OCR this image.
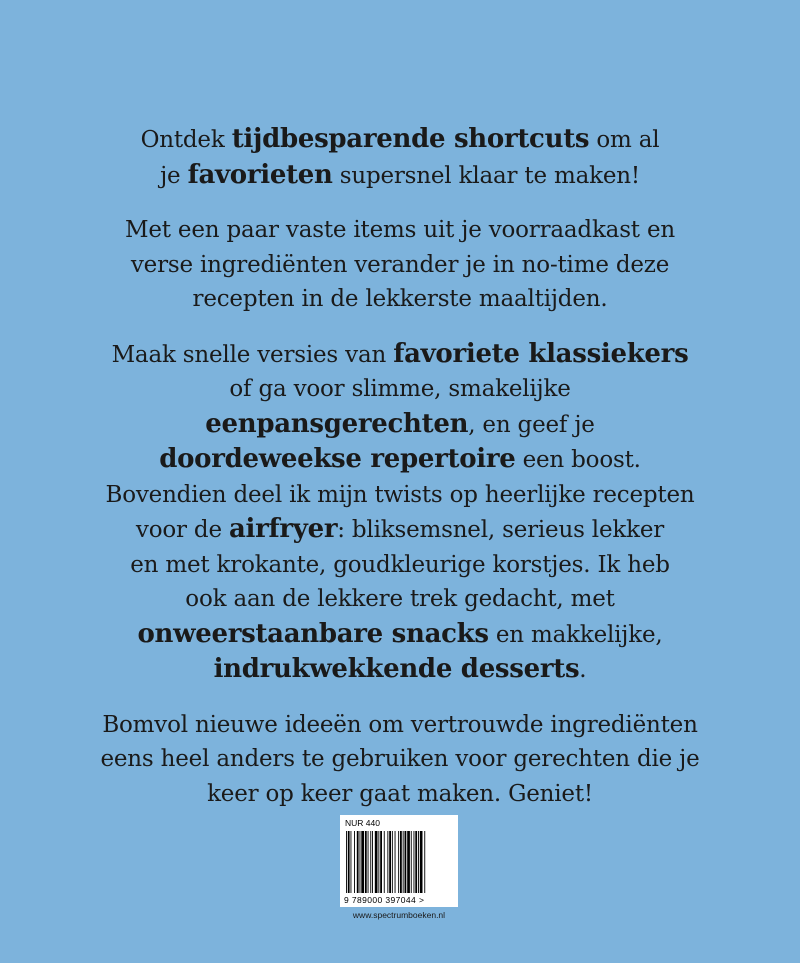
Ontdek tijdbesparende shortcuts om al
je favorieten supersnel klaar te maken!

Met een paar vaste items uit je voorraadkast en
verse ingrediënten verander je in no-time deze
recepten in de lekkerste maaltijden.

Maak snelle versies van favoriete klassiekers
of ga voor slimme, smakelijke
eenpansgerechten, en geef je
doordeweekse repertoire een boost.
Bovendien deel ik mijn twists op heerlijke recepten
voor de airfryer: bliksemsnel, serieus lekker
en met krokante, goudkleurige korstjes. Ik heb
ook aan de lekkere trek gedacht, met
onweerstaanbare snacks en makkelijke,
indrukwekkende desserts.

Bomvol nieuwe ideeën om vertrouwde ingrediënten
eens heel anders te gebruiken voor gerechten die je
keer op keer gaat maken. Geniet!

NUR 440
9 789000 397044 >
www.spectrumboeken.nl
